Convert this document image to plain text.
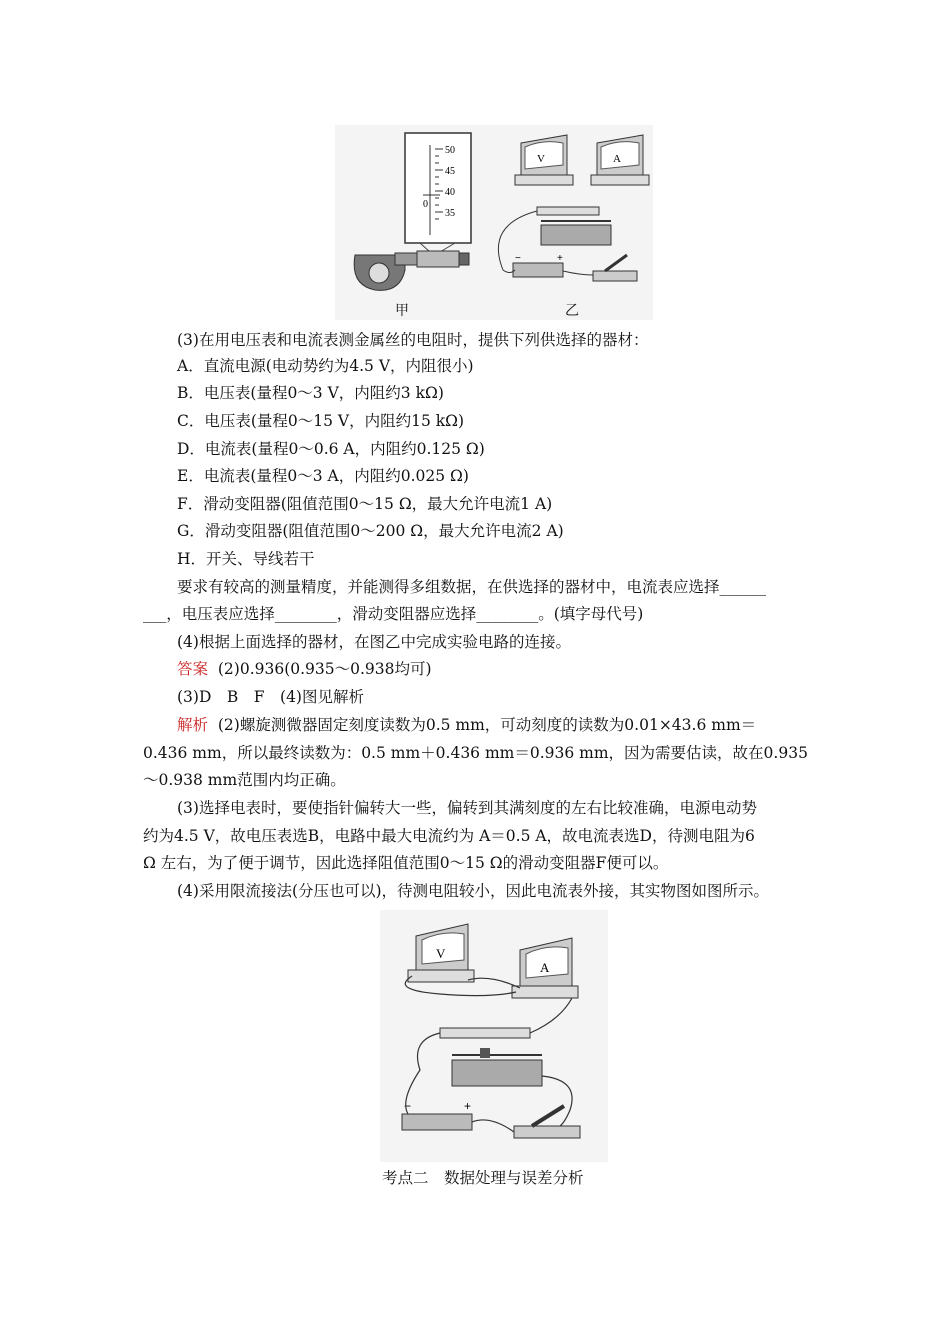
50
45
40
35
0
V	A
−	+
甲	乙
(3)在用电压表和电流表测金属丝的电阻时，提供下列供选择的器材：
A．直流电源(电动势约为4.5 V，内阻很小)
B．电压表(量程0～3 V，内阻约3 kΩ)
C．电压表(量程0～15 V，内阻约15 kΩ)
D．电流表(量程0～0.6 A，内阻约0.125 Ω)
E．电流表(量程0～3 A，内阻约0.025 Ω)
F．滑动变阻器(阻值范围0～15 Ω，最大允许电流1 A)
G．滑动变阻器(阻值范围0～200 Ω，最大允许电流2 A)
H．开关、导线若干
要求有较高的测量精度，并能测得多组数据，在供选择的器材中，电流表应选择______
___，电压表应选择________，滑动变阻器应选择________。(填字母代号)
(4)根据上面选择的器材，在图乙中完成实验电路的连接。
答案 (2)0.936(0.935～0.938均可)
(3)D　B　F　(4)图见解析
解析 (2)螺旋测微器固定刻度读数为0.5 mm，可动刻度的读数为0.01×43.6 mm＝
0.436 mm，所以最终读数为：0.5 mm＋0.436 mm＝0.936 mm，因为需要估读，故在0.935
～0.938 mm范围内均正确。
(3)选择电表时，要使指针偏转大一些，偏转到其满刻度的左右比较准确，电源电动势
约为4.5 V，故电压表选B，电路中最大电流约为 A＝0.5 A，故电流表选D，待测电阻为6
Ω 左右，为了便于调节，因此选择阻值范围0～15 Ω的滑动变阻器F便可以。
(4)采用限流接法(分压也可以)，待测电阻较小，因此电流表外接，其实物图如图所示。
V
A
−	+
考点二　数据处理与误差分析
